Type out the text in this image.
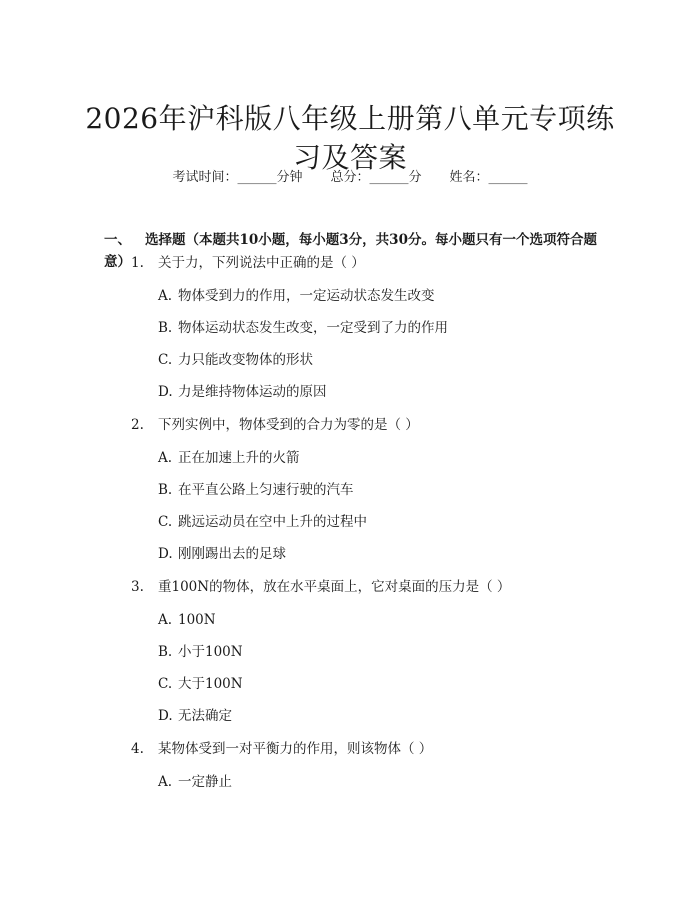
2026年沪科版八年级上册第八单元专项练习及答案
考试时间：______分钟 总分：______分 姓名：______
一、 选择题（本题共10小题，每小题3分，共30分。每小题只有一个选项符合题意） 1. 关于力，下列说法中正确的是（ ）
A. 物体受到力的作用，一定运动状态发生改变
B. 物体运动状态发生改变，一定受到了力的作用
C. 力只能改变物体的形状
D. 力是维持物体运动的原因
2. 下列实例中，物体受到的合力为零的是（ ）
A. 正在加速上升的火箭
B. 在平直公路上匀速行驶的汽车
C. 跳远运动员在空中上升的过程中
D. 刚刚踢出去的足球
3. 重100N的物体，放在水平桌面上，它对桌面的压力是（ ）
A. 100N
B. 小于100N
C. 大于100N
D. 无法确定
4. 某物体受到一对平衡力的作用，则该物体（ ）
A. 一定静止
